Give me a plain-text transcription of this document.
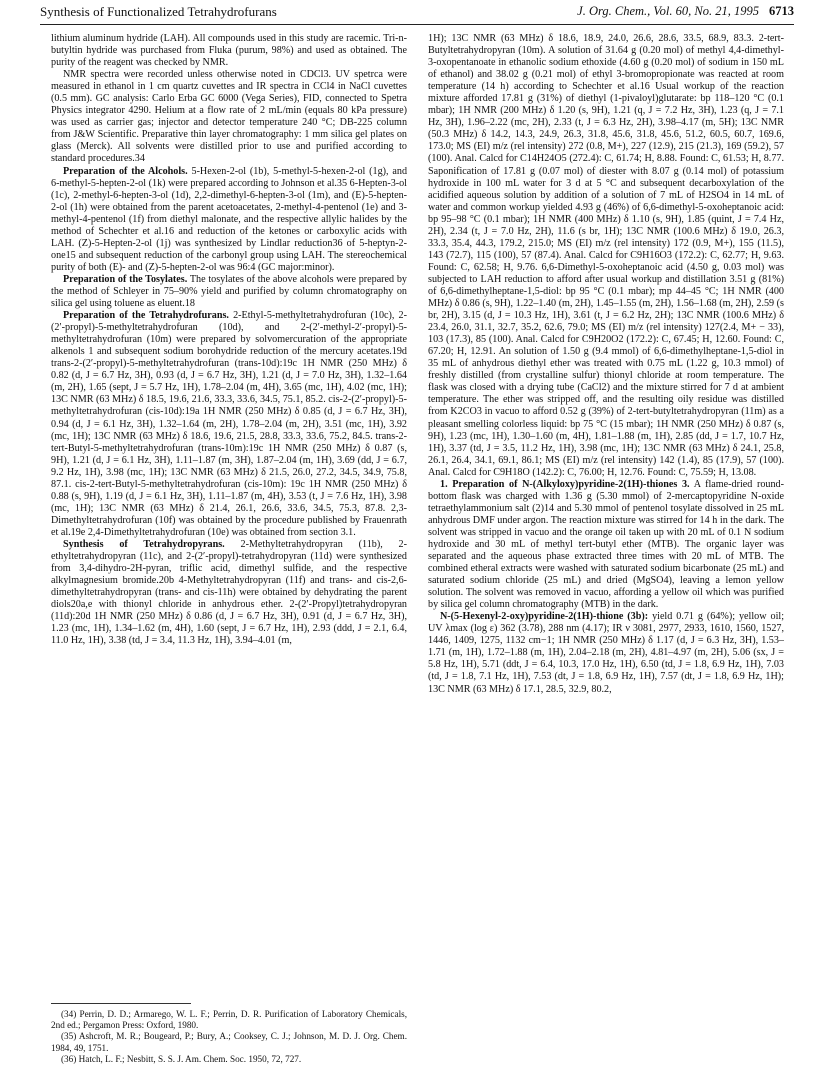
Synthesis of Functionalized Tetrahydrofurans	J. Org. Chem., Vol. 60, No. 21, 1995 6713

lithium aluminum hydride (LAH). All compounds used in this study are racemic. Tri-n-butyltin hydride was purchased from Fluka (purum, 98%) and used as obtained. The purity of the reagent was checked by NMR.

NMR spectra were recorded unless otherwise noted in CDCl3. UV spetrca were measured in ethanol in 1 cm quartz cuvettes and IR spectra in CCl4 in NaCl cuvettes (0.5 mm). GC analysis: Carlo Erba GC 6000 (Vega Series), FID, connected to Spetra Physics integrator 4290. Helium at a flow rate of 2 mL/min (equals 80 kPa pressure) was used as carrier gas; injector and detector temperature 240 °C; DB-225 column from J&W Scientific. Preparative thin layer chromatography: 1 mm silica gel plates on glass (Merck). All solvents were distilled prior to use and purified according to standard procedures.34

Preparation of the Alcohols. 5-Hexen-2-ol (1b), 5-methyl-5-hexen-2-ol (1g), and 6-methyl-5-hepten-2-ol (1k) were prepared according to Johnson et al.35 6-Hepten-3-ol (1c), 2-methyl-6-hepten-3-ol (1d), 2,2-dimethyl-6-hepten-3-ol (1m), and (E)-5-hepten-2-ol (1h) were obtained from the parent acetoacetates, 2-methyl-4-pentenol (1e) and 3-methyl-4-pentenol (1f) from diethyl malonate, and the respective allylic halides by the method of Schechter et al.16 and reduction of the ketones or carboxylic acids with LAH. (Z)-5-Hepten-2-ol (1j) was synthesized by Lindlar reduction36 of 5-heptyn-2-one15 and subsequent reduction of the carbonyl group using LAH. The stereochemical purity of both (E)- and (Z)-5-hepten-2-ol was 96:4 (GC major:minor).

Preparation of the Tosylates. The tosylates of the above alcohols were prepared by the method of Schleyer in 75–90% yield and purified by column chromatography on silica gel using toluene as eluent.18

Preparation of the Tetrahydrofurans. 2-Ethyl-5-methyltetrahydrofuran (10c), 2-(2′-propyl)-5-methyltetrahydrofuran (10d), and 2-(2′-methyl-2′-propyl)-5-methyltetrahydrofuran (10m) were prepared by solvomercuration of the appropriate alkenols 1 and subsequent sodium borohydride reduction of the mercury acetates.19d trans-2-(2′-propyl)-5-methyltetrahydrofuran (trans-10d):19c 1H NMR (250 MHz) δ 0.82 (d, J = 6.7 Hz, 3H), 0.93 (d, J = 6.7 Hz, 3H), 1.21 (d, J = 7.0 Hz, 3H), 1.32–1.64 (m, 2H), 1.65 (sept, J = 5.7 Hz, 1H), 1.78–2.04 (m, 4H), 3.65 (mc, 1H), 4.02 (mc, 1H); 13C NMR (63 MHz) δ 18.5, 19.6, 21.6, 33.3, 33.6, 34.5, 75.1, 85.2. cis-2-(2′-propyl)-5-methyltetrahydrofuran (cis-10d):19a 1H NMR (250 MHz) δ 0.85 (d, J = 6.7 Hz, 3H), 0.94 (d, J = 6.1 Hz, 3H), 1.32–1.64 (m, 2H), 1.78–2.04 (m, 2H), 3.51 (mc, 1H), 3.92 (mc, 1H); 13C NMR (63 MHz) δ 18.6, 19.6, 21.5, 28.8, 33.3, 33.6, 75.2, 84.5. trans-2-tert-Butyl-5-methyltetrahydrofuran (trans-10m):19c 1H NMR (250 MHz) δ 0.87 (s, 9H), 1.21 (d, J = 6.1 Hz, 3H), 1.11–1.87 (m, 3H), 1.87–2.04 (m, 1H), 3.69 (dd, J = 6.7, 9.2 Hz, 1H), 3.98 (mc, 1H); 13C NMR (63 MHz) δ 21.5, 26.0, 27.2, 34.5, 34.9, 75.8, 87.1. cis-2-tert-Butyl-5-methyltetrahydrofuran (cis-10m): 19c 1H NMR (250 MHz) δ 0.88 (s, 9H), 1.19 (d, J = 6.1 Hz, 3H), 1.11–1.87 (m, 4H), 3.53 (t, J = 7.6 Hz, 1H), 3.98 (mc, 1H); 13C NMR (63 MHz) δ 21.4, 26.1, 26.6, 33.6, 34.5, 75.3, 87.8. 2,3-Dimethyltetrahydrofuran (10f) was obtained by the procedure published by Frauenrath et al.19e 2,4-Dimethyltetrahydrofuran (10e) was obtained from section 3.1.

Synthesis of Tetrahydropyrans. 2-Methyltetrahydropyran (11b), 2-ethyltetrahydropyran (11c), and 2-(2′-propyl)-tetrahydropyran (11d) were synthesized from 3,4-dihydro-2H-pyran, triflic acid, dimethyl sulfide, and the respective alkylmagnesium bromide.20b 4-Methyltetrahydropyran (11f) and trans- and cis-2,6-dimethyltetrahydropyran (trans- and cis-11h) were obtained by dehydrating the parent diols20a,e with thionyl chloride in anhydrous ether. 2-(2′-Propyl)tetrahydropyran (11d):20d 1H NMR (250 MHz) δ 0.86 (d, J = 6.7 Hz, 3H), 0.91 (d, J = 6.7 Hz, 3H), 1.23 (mc, 1H), 1.34–1.62 (m, 4H), 1.60 (sept, J = 6.7 Hz, 1H), 2.93 (ddd, J = 2.1, 6.4, 11.0 Hz, 1H), 3.38 (td, J = 3.4, 11.3 Hz, 1H), 3.94–4.01 (m,

(34) Perrin, D. D.; Armarego, W. L. F.; Perrin, D. R. Purification of Laboratory Chemicals, 2nd ed.; Pergamon Press: Oxford, 1980.

(35) Ashcroft, M. R.; Bougeard, P.; Bury, A.; Cooksey, C. J.; Johnson, M. D. J. Org. Chem. 1984, 49, 1751.

(36) Hatch, L. F.; Nesbitt, S. S. J. Am. Chem. Soc. 1950, 72, 727.

1H); 13C NMR (63 MHz) δ 18.6, 18.9, 24.0, 26.6, 28.6, 33.5, 68.9, 83.3. 2-tert-Butyltetrahydropyran (10m). A solution of 31.64 g (0.20 mol) of methyl 4,4-dimethyl-3-oxopentanoate in ethanolic sodium ethoxide (4.60 g (0.20 mol) of sodium in 150 mL of ethanol) and 38.02 g (0.21 mol) of ethyl 3-bromopropionate was reacted at room temperature (14 h) according to Schechter et al.16 Usual workup of the reaction mixture afforded 17.81 g (31%) of diethyl (1-pivaloyl)glutarate: bp 118–120 °C (0.1 mbar); 1H NMR (200 MHz) δ 1.20 (s, 9H), 1.21 (q, J = 7.2 Hz, 3H), 1.23 (q, J = 7.1 Hz, 3H), 1.96–2.22 (mc, 2H), 2.33 (t, J = 6.3 Hz, 2H), 3.98–4.17 (m, 5H); 13C NMR (50.3 MHz) δ 14.2, 14.3, 24.9, 26.3, 31.8, 45.6, 31.8, 45.6, 51.2, 60.5, 60.7, 169.6, 173.0; MS (EI) m/z (rel intensity) 272 (0.8, M+), 227 (12.9), 215 (21.3), 169 (59.2), 57 (100). Anal. Calcd for C14H24O5 (272.4): C, 61.74; H, 8.88. Found: C, 61.53; H, 8.77. Saponification of 17.81 g (0.07 mol) of diester with 8.07 g (0.14 mol) of potassium hydroxide in 100 mL water for 3 d at 5 °C and subsequent decarboxylation of the acidified aqueous solution by addition of a solution of 7 mL of H2SO4 in 14 mL of water and common workup yielded 4.93 g (46%) of 6,6-dimethyl-5-oxoheptanoic acid: bp 95–98 °C (0.1 mbar); 1H NMR (400 MHz) δ 1.10 (s, 9H), 1.85 (quint, J = 7.4 Hz, 2H), 2.34 (t, J = 7.0 Hz, 2H), 11.6 (s br, 1H); 13C NMR (100.6 MHz) δ 19.0, 26.3, 33.3, 35.4, 44.3, 179.2, 215.0; MS (EI) m/z (rel intensity) 172 (0.9, M+), 155 (11.5), 143 (72.7), 115 (100), 57 (87.4). Anal. Calcd for C9H16O3 (172.2): C, 62.77; H, 9.63. Found: C, 62.58; H, 9.76. 6,6-Dimethyl-5-oxoheptanoic acid (4.50 g, 0.03 mol) was subjected to LAH reduction to afford after usual workup and distillation 3.51 g (81%) of 6,6-dimethylheptane-1,5-diol: bp 95 °C (0.1 mbar); mp 44–45 °C; 1H NMR (400 MHz) δ 0.86 (s, 9H), 1.22–1.40 (m, 2H), 1.45–1.55 (m, 2H), 1.56–1.68 (m, 2H), 2.59 (s br, 2H), 3.15 (d, J = 10.3 Hz, 1H), 3.61 (t, J = 6.2 Hz, 2H); 13C NMR (100.6 MHz) δ 23.4, 26.0, 31.1, 32.7, 35.2, 62.6, 79.0; MS (EI) m/z (rel intensity) 127(2.4, M+ − 33), 103 (17.3), 85 (100). Anal. Calcd for C9H20O2 (172.2): C, 67.45; H, 12.60. Found: C, 67.20; H, 12.91. An solution of 1.50 g (9.4 mmol) of 6,6-dimethylheptane-1,5-diol in 35 mL of anhydrous diethyl ether was treated with 0.75 mL (1.22 g, 10.3 mmol) of freshly distilled (from crystalline sulfur) thionyl chloride at room temperature. The flask was closed with a drying tube (CaCl2) and the mixture stirred for 7 d at ambient temperature. The ether was stripped off, and the resulting oily residue was distilled from K2CO3 in vacuo to afford 0.52 g (39%) of 2-tert-butyltetrahydropyran (11m) as a pleasant smelling colorless liquid: bp 75 °C (15 mbar); 1H NMR (250 MHz) δ 0.87 (s, 9H), 1.23 (mc, 1H), 1.30–1.60 (m, 4H), 1.81–1.88 (m, 1H), 2.85 (dd, J = 1.7, 10.7 Hz, 1H), 3.37 (td, J = 3.5, 11.2 Hz, 1H), 3.98 (mc, 1H); 13C NMR (63 MHz) δ 24.1, 25.8, 26.1, 26.4, 34.1, 69.1, 86.1; MS (EI) m/z (rel intensity) 142 (1.4), 85 (17.9), 57 (100). Anal. Calcd for C9H18O (142.2): C, 76.00; H, 12.76. Found: C, 75.59; H, 13.08.

1. Preparation of N-(Alkyloxy)pyridine-2(1H)-thiones 3. A flame-dried round-bottom flask was charged with 1.36 g (5.30 mmol) of 2-mercaptopyridine N-oxide tetraethylammonium salt (2)14 and 5.30 mmol of pentenol tosylate dissolved in 25 mL anhydrous DMF under argon. The reaction mixture was stirred for 14 h in the dark. The solvent was stripped in vacuo and the orange oil taken up with 20 mL of 0.1 N sodium hydroxide and 30 mL of methyl tert-butyl ether (MTB). The organic layer was separated and the aqueous phase extracted three times with 20 mL of MTB. The combined etheral extracts were washed with saturated sodium bicarbonate (25 mL) and saturated sodium chloride (25 mL) and dried (MgSO4), leaving a lemon yellow solution. The solvent was removed in vacuo, affording a yellow oil which was purified by silica gel column chromatography (MTB) in the dark.

N-(5-Hexenyl-2-oxy)pyridine-2(1H)-thione (3b): yield 0.71 g (64%); yellow oil; UV λmax (log ε) 362 (3.78), 288 nm (4.17); IR ν 3081, 2977, 2933, 1610, 1560, 1527, 1446, 1409, 1275, 1132 cm−1; 1H NMR (250 MHz) δ 1.17 (d, J = 6.3 Hz, 3H), 1.53–1.71 (m, 1H), 1.72–1.88 (m, 1H), 2.04–2.18 (m, 2H), 4.81–4.97 (m, 2H), 5.06 (sx, J = 5.8 Hz, 1H), 5.71 (ddt, J = 6.4, 10.3, 17.0 Hz, 1H), 6.50 (td, J = 1.8, 6.9 Hz, 1H), 7.03 (td, J = 1.8, 7.1 Hz, 1H), 7.53 (dt, J = 1.8, 6.9 Hz, 1H), 7.57 (dt, J = 1.8, 6.9 Hz, 1H); 13C NMR (63 MHz) δ 17.1, 28.5, 32.9, 80.2,
